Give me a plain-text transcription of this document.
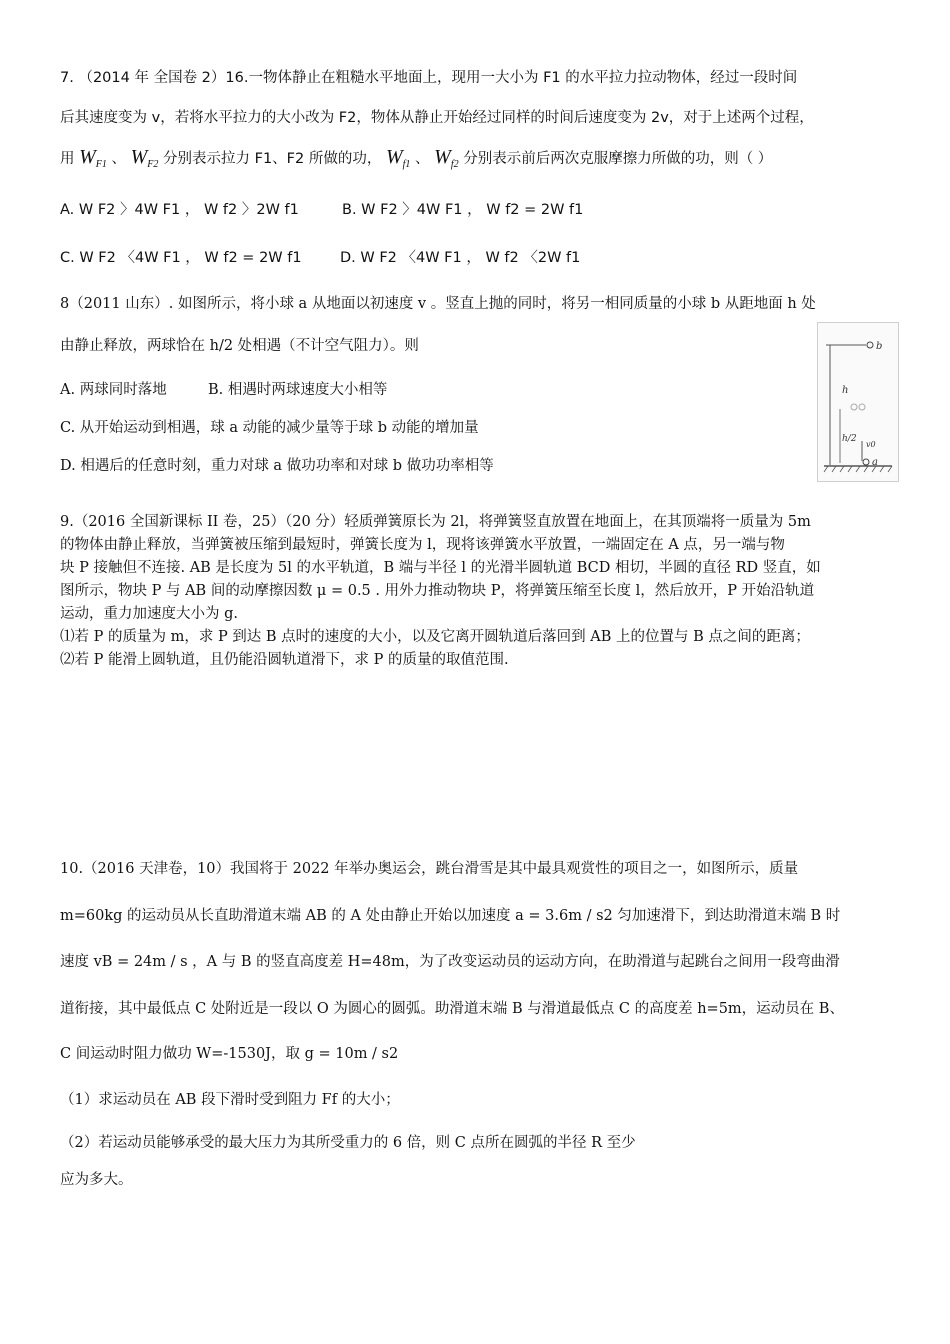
7. （2014 年 全国卷 2）16.一物体静止在粗糙水平地面上，现用一大小为 F1 的水平拉力拉动物体，经过一段时间
后其速度变为 v，若将水平拉力的大小改为 F2，物体从静止开始经过同样的时间后速度变为 2v，对于上述两个过程，
用 $W_{F1}$ 、 $W_{F2}$ 分别表示拉力 F1、F2 所做的功， $W_{f1}$ 、 $W_{f2}$ 分别表示前后两次克服摩擦力所做的功，则（ ）
A. W F2 〉4W F1 ， W f2 〉2W f1	B. W F2 〉4W F1 ， W f2 = 2W f1
C. W F2 〈4W F1 ， W f2 = 2W f1	D. W F2 〈4W F1 ， W f2 〈2W f1
8（2011 山东）. 如图所示，将小球 a 从地面以初速度 v 。竖直上抛的同时，将另一相同质量的小球 b 从距地面 h 处
由静止释放，两球恰在 h/2 处相遇（不计空气阻力）。则
A. 两球同时落地	B. 相遇时两球速度大小相等
C. 从开始运动到相遇，球 a 动能的减少量等于球 b 动能的增加量
D. 相遇后的任意时刻，重力对球 a 做功功率和对球 b 做功功率相等
b
h
h/2
v0
a
9.（2016 全国新课标 II 卷，25）（20 分）轻质弹簧原长为 2l，将弹簧竖直放置在地面上，在其顶端将一质量为 5m
的物体由静止释放，当弹簧被压缩到最短时，弹簧长度为 l，现将该弹簧水平放置，一端固定在 A 点，另一端与物
块 P 接触但不连接. AB 是长度为 5l 的水平轨道，B 端与半径 l 的光滑半圆轨道 BCD 相切，半圆的直径 RD 竖直，如
图所示，物块 P 与 AB 间的动摩擦因数 μ = 0.5 . 用外力推动物块 P，将弹簧压缩至长度 l，然后放开，P 开始沿轨道
运动，重力加速度大小为 g.
⑴若 P 的质量为 m，求 P 到达 B 点时的速度的大小，以及它离开圆轨道后落回到 AB 上的位置与 B 点之间的距离；
⑵若 P 能滑上圆轨道，且仍能沿圆轨道滑下，求 P 的质量的取值范围.
10.（2016 天津卷，10）我国将于 2022 年举办奥运会，跳台滑雪是其中最具观赏性的项目之一，如图所示，质量
m=60kg 的运动员从长直助滑道末端 AB 的 A 处由静止开始以加速度 a = 3.6m / s2 匀加速滑下，到达助滑道末端 B 时
速度 vB = 24m / s ，A 与 B 的竖直高度差 H=48m，为了改变运动员的运动方向，在助滑道与起跳台之间用一段弯曲滑
道衔接，其中最低点 C 处附近是一段以 O 为圆心的圆弧。助滑道末端 B 与滑道最低点 C 的高度差 h=5m，运动员在 B、
C 间运动时阻力做功 W=-1530J，取 g = 10m / s2
（1）求运动员在 AB 段下滑时受到阻力 Ff 的大小；
（2）若运动员能够承受的最大压力为其所受重力的 6 倍，则 C 点所在圆弧的半径 R 至少
应为多大。
